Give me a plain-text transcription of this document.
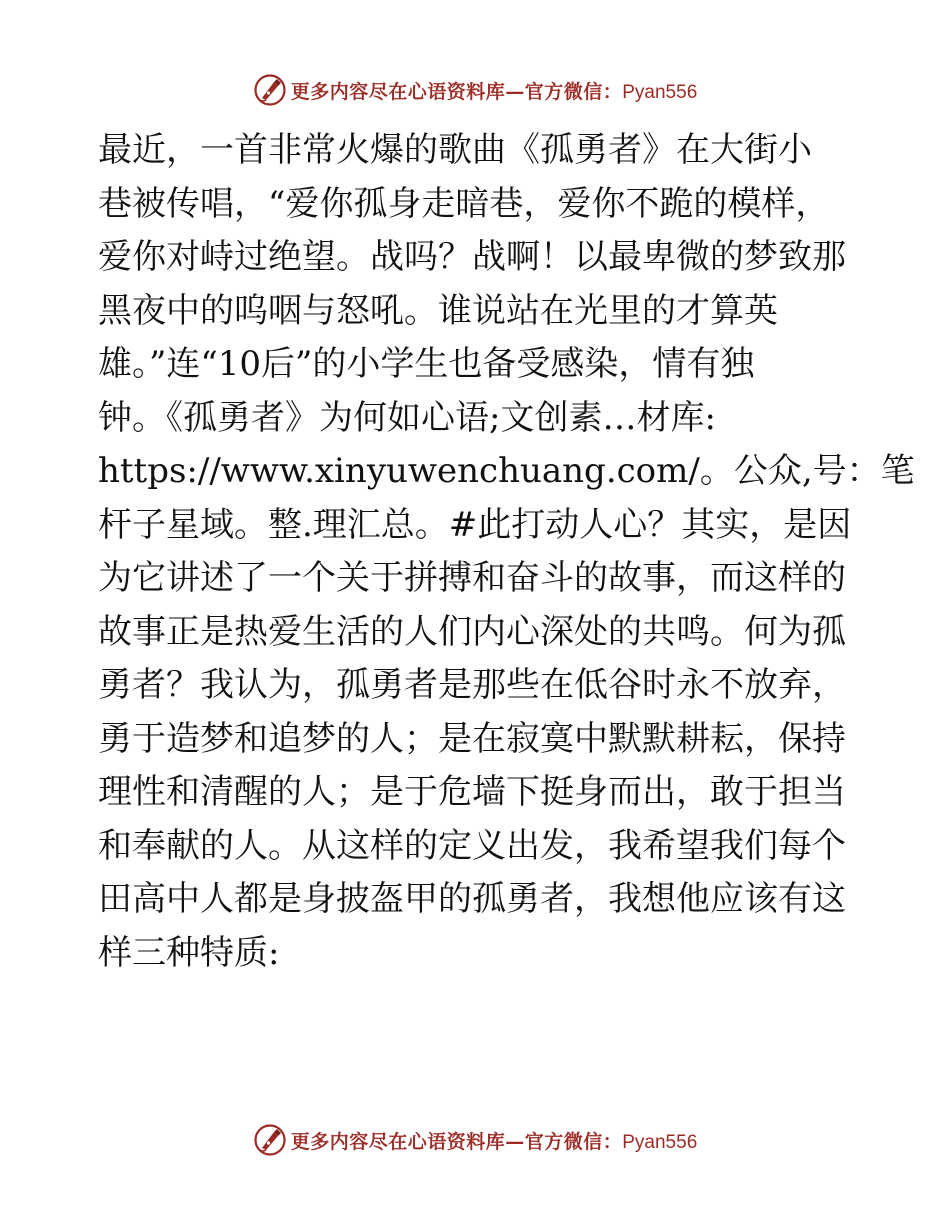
更多内容尽在心语资料库—官方微信：Pyan556
最近，一首非常火爆的歌曲《孤勇者》在大街小
巷被传唱，“爱你孤身走暗巷，爱你不跪的模样，
爱你对峙过绝望。战吗？战啊！以最卑微的梦致那
黑夜中的呜咽与怒吼。谁说站在光里的才算英
雄。”连“10后”的小学生也备受感染，情有独
钟。《孤勇者》为何如心语;文创素…材库:
https://www.xinyuwenchuang.com/。公众,号：笔
杆子星域。整.理汇总。#此打动人心？其实，是因
为它讲述了一个关于拼搏和奋斗的故事，而这样的
故事正是热爱生活的人们内心深处的共鸣。何为孤
勇者？我认为，孤勇者是那些在低谷时永不放弃，
勇于造梦和追梦的人；是在寂寞中默默耕耘，保持
理性和清醒的人；是于危墙下挺身而出，敢于担当
和奉献的人。从这样的定义出发，我希望我们每个
田高中人都是身披盔甲的孤勇者，我想他应该有这
样三种特质:
更多内容尽在心语资料库—官方微信：Pyan556
